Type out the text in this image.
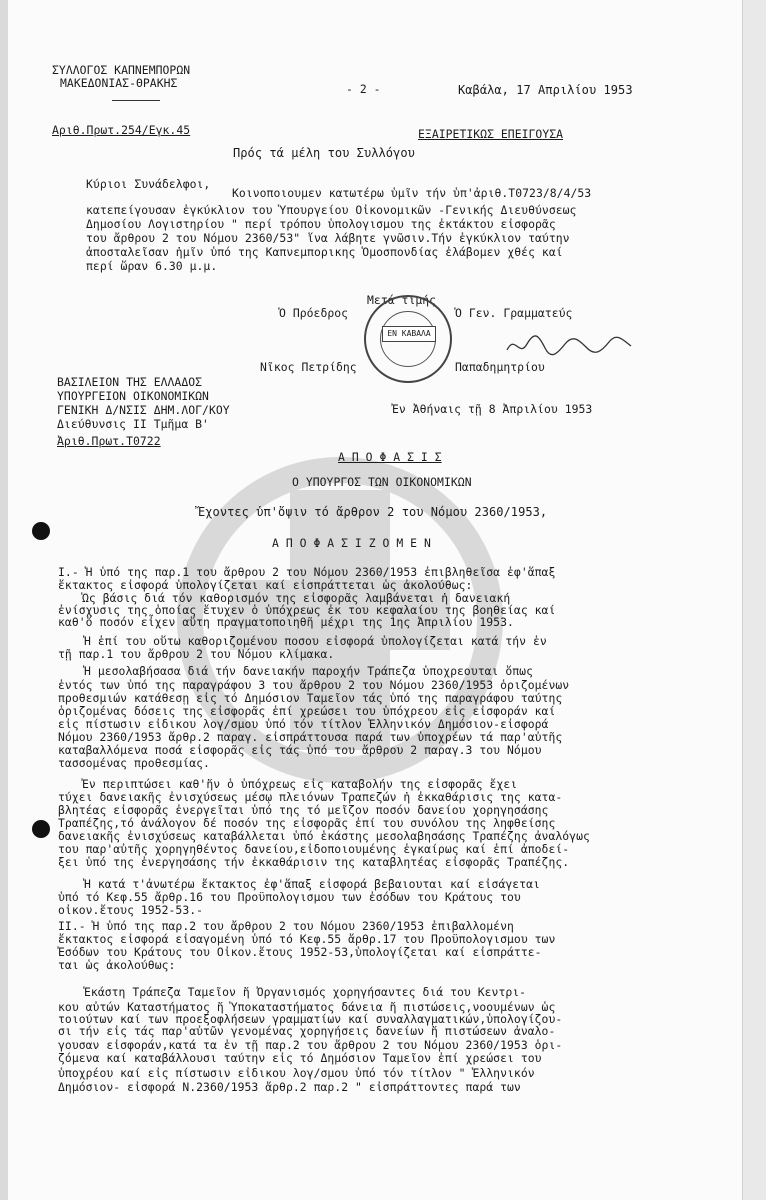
- 2 -
ΣΥΛΛΟΓΟΣ ΚΑΠΝΕΜΠΟΡΩΝ
ΜΑΚΕΔΟΝΙΑΣ-ΘΡΑΚΗΣ	Καβάλα, 17 Απριλίου 1953
Αριθ.Πρωτ.254/Εγκ.45	ΕΞΑΙΡΕΤΙΚΩΣ ΕΠΕΙΓΟΥΣΑ
Πρός τά μέλη του Συλλόγου
Κύριοι Συνάδελφοι,
Κοινοποιουμεν κατωτέρω ὑμῖν τήν ὑπ'ἀριθ.Τ0723/8/4/53
κατεπείγουσαν ἐγκύκλιον του Ὑπουργείου Οἰκονομικῶν -Γενικής Διευθύνσεως
Δημοσίου Λογιστηρίου " περί τρόπου ὑπολογισμου της ἐκτάκτου εἰσφορᾶς
του ἄρθρου 2 του Νόμου 2360/53" ἵνα λάβητε γνῶσιν.Τήν ἐγκύκλιον ταύτην
ἀποσταλεῖσαν ἡμῖν ὑπό της Καπνεμπορικης Ὁμοσπονδίας ἐλάβομεν χθές καί
περί ὥραν 6.30 μ.μ.
Μετά τιμής
Ὁ Πρόεδρος	Ὁ Γεν. Γραμματεύς
ΕΝ ΚΑΒΑΛΑ
Νῖκος Πετρίδης	Παπαδημητρίου
ΒΑΣΙΛΕΙΟΝ ΤΗΣ ΕΛΛΑΔΟΣ
ΥΠΟΥΡΓΕΙΟΝ ΟΙΚΟΝΟΜΙΚΩΝ
ΓΕΝΙΚΗ Δ/ΝΣΙΣ ΔΗΜ.ΛΟΓ/ΚΟΥ
Διεύθυνσις ΙΙ Τμῆμα Β'
Ἀριθ.Πρωτ.Τ0722
Ἐν Ἀθήναις τῇ 8 Ἀπριλίου 1953
Α Π Ο Φ Α Σ Ι Σ
Ο ΥΠΟΥΡΓΟΣ ΤΩΝ ΟΙΚΟΝΟΜΙΚΩΝ
Ἔχοντες ὑπ'ὄψιν τό ἄρθρον 2 του Νόμου 2360/1953,
Α Π Ο Φ Α Σ Ι Ζ Ο Μ Ε Ν
Ι.- Ἡ ὑπό της παρ.1 του ἄρθρου 2 του Νόμου 2360/1953 ἐπιβληθεῖσα ἐφ'ἅπαξ
ἔκτακτος εἰσφορά ὑπολογίζεται καί εἰσπράττεται ὡς ἀκολούθως:
Ὡς βάσις διά τόν καθορισμόν της εἰσφορᾶς λαμβάνεται ἡ δανειακή
ἐνίσχυσις της ὁποίας ἔτυχεν ὁ ὑπόχρεως ἐκ του κεφαλαίου της βοηθείας καί
καθ'ὅ ποσόν εἶχεν αὕτη πραγματοποιηθῆ μέχρι της 1ης Ἀπριλίου 1953.
Ἡ ἐπί του οὕτω καθοριζομένου ποσου εἰσφορά ὑπολογίζεται κατά τήν ἐν
τῇ παρ.1 του ἄρθρου 2 του Νόμου κλίμακα.
Ἡ μεσολαβήσασα διά τήν δανειακήν παροχήν Τράπεζα ὑποχρεουται ὅπως
ἐντός των ὑπό της παραγράφου 3 του ἄρθρου 2 του Νόμου 2360/1953 ὁριζομένων
προθεσμιών κατάθεσῃ εἰς τό Δημόσιον Ταμεῖον τάς ὑπό της παραγράφου ταύτης
ὁριζομένας δόσεις της εἰσφορᾶς ἐπί χρεώσει του ὑπόχρεου εἰς εἰσφοράν καί
εἰς πίστωσιν εἰδικου λογ/σμου ὑπό τόν τίτλον Ἑλληνικόν Δημόσιον-εἰσφορά
Νόμου 2360/1953 ἄρθρ.2 παραγ. εἰσπράττουσα παρά των ὑποχρέων τά παρ'αὐτῆς
καταβαλλόμενα ποσά εἰσφορᾶς εἰς τάς ὑπό του ἄρθρου 2 παραγ.3 του Νόμου
τασσομένας προθεσμίας.
Ἐν περιπτώσει καθ'ἥν ὁ ὑπόχρεως εἰς καταβολήν της εἰσφορᾶς ἔχει
τύχει δανειακῆς ἐνισχύσεως μέσῳ πλειόνων Τραπεζών ἡ ἐκκαθάρισις της κατα-
βλητέας εἰσφορᾶς ἐνεργεῖται ὑπό της τό μεῖζον ποσόν δανείου χορηγησάσης
Τραπέζης,τό ἀνάλογον δέ ποσόν της εἰσφορᾶς ἐπί του συνόλου της ληφθείσης
δανειακῆς ἐνισχύσεως καταβάλλεται ὑπό ἑκάστης μεσολαβησάσης Τραπέζης ἀναλόγως
του παρ'αὐτῆς χορηγηθέντος δανείου,εἰδοποιουμένης ἐγκαίρως καί ἐπί ἀποδεί-
ξει ὑπό της ἐνεργησάσης τήν ἐκκαθάρισιν της καταβλητέας εἰσφορᾶς Τραπέζης.
Ἡ κατά τ'ἀνωτέρω ἔκτακτος ἐφ'ἅπαξ εἰσφορά βεβαιουται καί εἰσάγεται
ὑπό τό Κεφ.55 ἄρθρ.16 του Προϋπολογισμου των ἐσόδων του Κράτους του
οἰκον.ἔτους 1952-53.-
ΙΙ.- Ἡ ὑπό της παρ.2 του ἄρθρου 2 του Νόμου 2360/1953 ἐπιβαλλομένη
ἔκτακτος εἰσφορά εἰσαγομένη ὑπό τό Κεφ.55 ἄρθρ.17 του Προϋπολογισμου των
Ἐσόδων του Κράτους του Οἰκον.ἔτους 1952-53,ὑπολογίζεται καί εἰσπράττε-
ται ὡς ἀκολούθως:
Ἑκάστη Τράπεζα Ταμεῖον ἤ Ὀργανισμός χορηγήσαντες διά του Κεντρι-
κου αὐτών Καταστήματος ἤ Ὑποκαταστήματος δάνεια ἤ πιστώσεις,νοουμένων ὡς
τοιούτων καί των προεξοφλήσεων γραμματίων καί συναλλαγματικών,ὑπολογίζου-
σι τήν εἰς τάς παρ'αὐτῶν γενομένας χορηγήσεις δανείων ἤ πιστώσεων ἀναλο-
γουσαν εἰσφοράν,κατά τα ἐν τῇ παρ.2 του ἄρθρου 2 του Νόμου 2360/1953 ὁρι-
ζόμενα καί καταβάλλουσι ταύτην εἰς τό Δημόσιον Ταμεῖον ἐπί χρεώσει του
ὑποχρέου καί εἰς πίστωσιν εἰδικου λογ/σμου ὑπό τόν τίτλον " Ἑλληνικόν
Δημόσιον- εἰσφορά Ν.2360/1953 ἄρθρ.2 παρ.2 " εἰσπράττοντες παρά των
